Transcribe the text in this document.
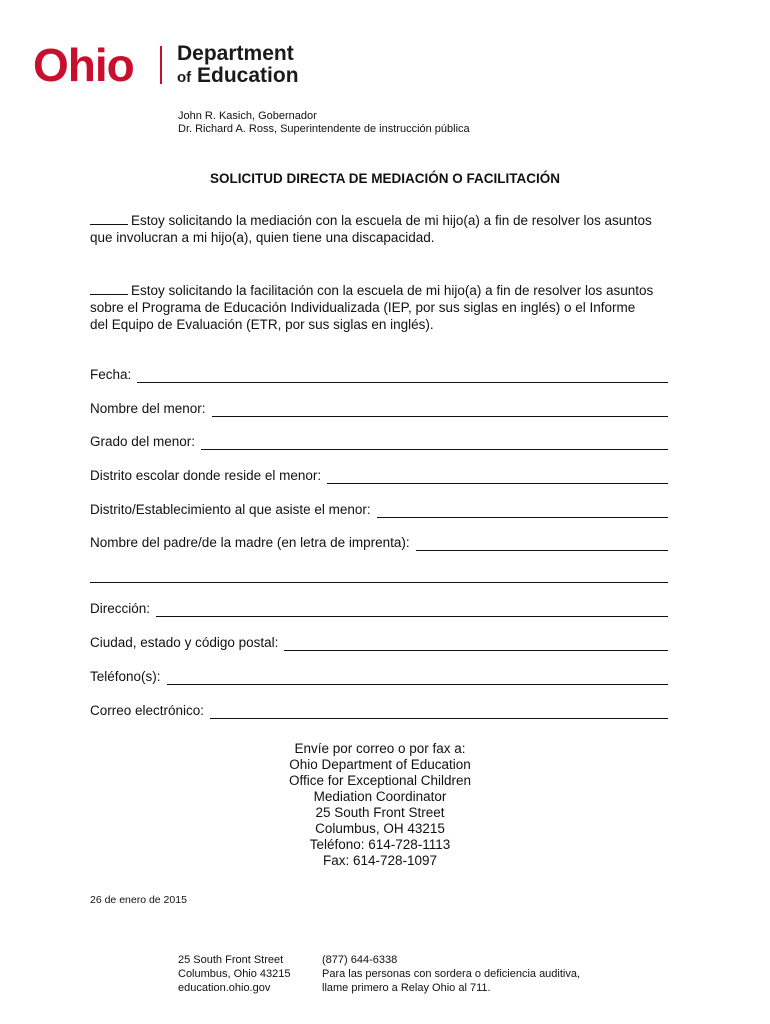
Ohio Department
of Education
John R. Kasich, Gobernador
Dr. Richard A. Ross, Superintendente de instrucción pública
SOLICITUD DIRECTA DE MEDIACIÓN O FACILITACIÓN
Estoy solicitando la mediación con la escuela de mi hijo(a) a fin de resolver los asuntos
que involucran a mi hijo(a), quien tiene una discapacidad.
Estoy solicitando la facilitación con la escuela de mi hijo(a) a fin de resolver los asuntos
sobre el Programa de Educación Individualizada (IEP, por sus siglas en inglés) o el Informe
del Equipo de Evaluación (ETR, por sus siglas en inglés).
Fecha:
Nombre del menor:
Grado del menor:
Distrito escolar donde reside el menor:
Distrito/Establecimiento al que asiste el menor:
Nombre del padre/de la madre (en letra de imprenta):
Dirección:
Ciudad, estado y código postal:
Teléfono(s):
Correo electrónico:
Envíe por correo o por fax a:
Ohio Department of Education
Office for Exceptional Children
Mediation Coordinator
25 South Front Street
Columbus, OH 43215
Teléfono: 614-728-1113
Fax: 614-728-1097
26 de enero de 2015
25 South Front Street
Columbus, Ohio 43215
education.ohio.gov
(877) 644-6338
Para las personas con sordera o deficiencia auditiva,
llame primero a Relay Ohio al 711.
